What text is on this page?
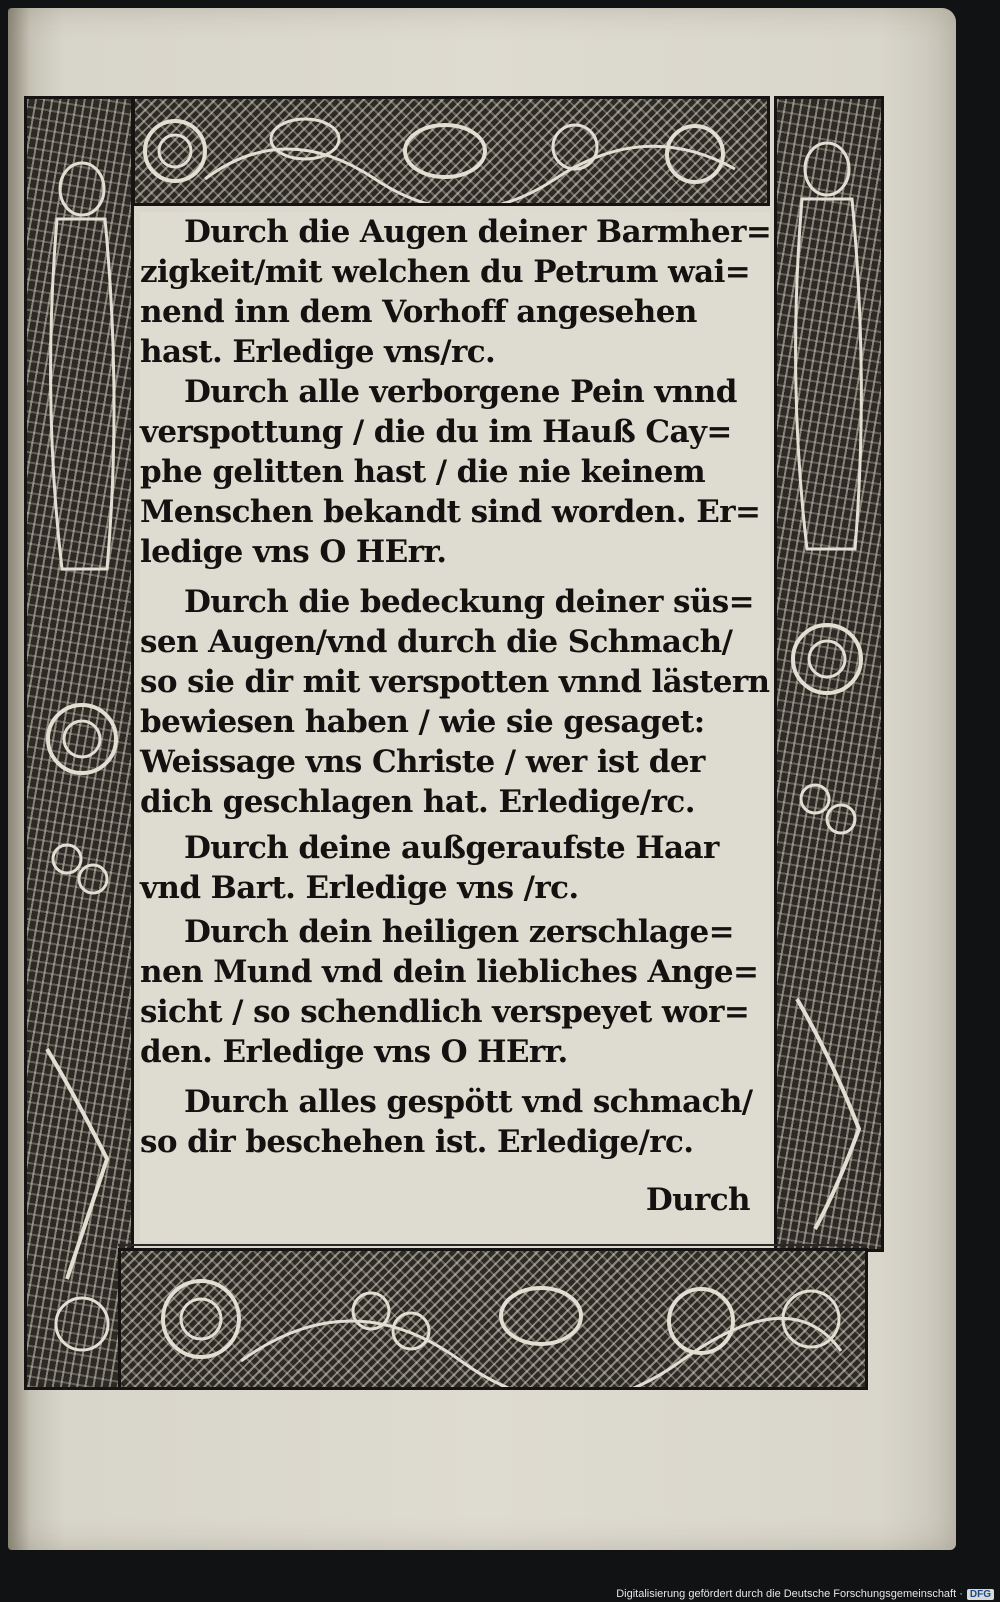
Durch die Augen deiner Barmher=

zigkeit/mit welchen du Petrum wai=

nend inn dem Vorhoff angesehen

hast. Erledige vns/rc.

Durch alle verborgene Pein vnnd

verspottung / die du im Hauß Cay=

phe gelitten hast / die nie keinem

Menschen bekandt sind worden. Er=

ledige vns O HErr.

Durch die bedeckung deiner süs=

sen Augen/vnd durch die Schmach/

so sie dir mit verspotten vnnd lästern

bewiesen haben / wie sie gesaget:

Weissage vns Christe / wer ist der

dich geschlagen hat. Erledige/rc.

Durch deine außgeraufste Haar

vnd Bart. Erledige vns /rc.

Durch dein heiligen zerschlage=

nen Mund vnd dein liebliches Ange=

sicht / so schendlich verspeyet wor=

den. Erledige vns O HErr.

Durch alles gespött vnd schmach/

so dir beschehen ist. Erledige/rc.

Durch

Digitalisierung gefördert durch die Deutsche Forschungsgemeinschaft · DFG
